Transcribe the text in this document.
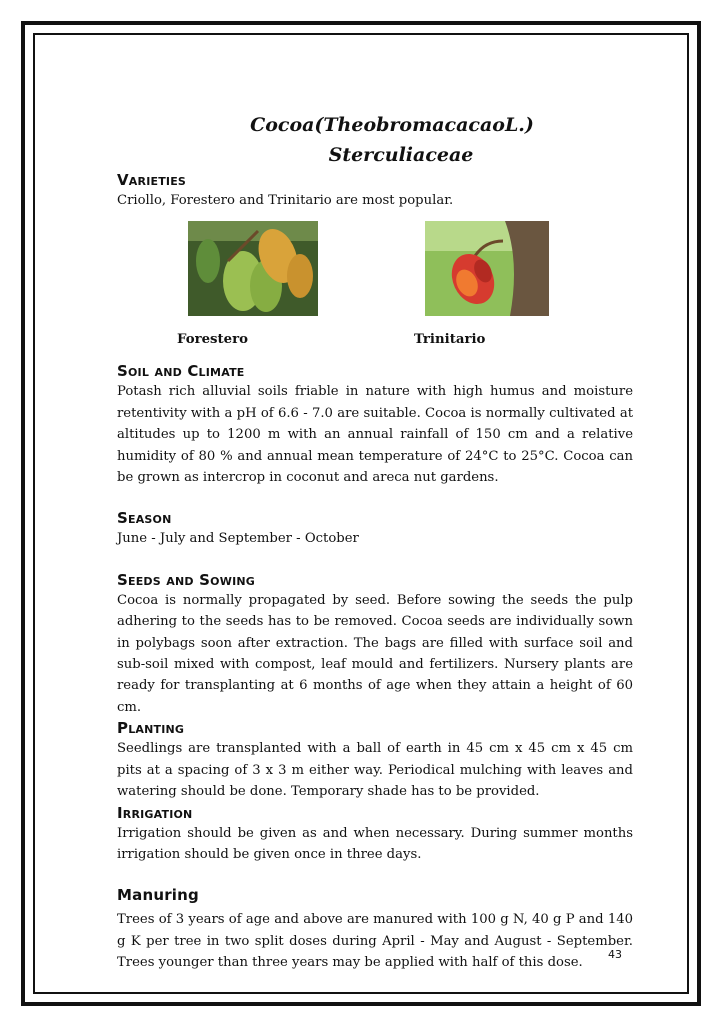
Cocoa(TheobromacacaoL.)

Sterculiaceae

Varieties

Criollo, Forestero and Trinitario are most popular.

Forestero	Trinitario
Soil and Climate

Potash rich alluvial soils friable in nature with high humus and moisture retentivity with a pH of 6.6 - 7.0 are suitable. Cocoa is normally cultivated at altitudes up to 1200 m with an annual rainfall of 150 cm and a relative humidity of 80 % and annual mean temperature of 24°C to 25°C. Cocoa can be grown as intercrop in coconut and areca nut gardens.

Season

June - July and September - October

Seeds and Sowing

Cocoa is normally propagated by seed. Before sowing the seeds the pulp adhering to the seeds has to be removed. Cocoa seeds are individually sown in polybags soon after extraction. The bags are filled with surface soil and sub-soil mixed with compost, leaf mould and fertilizers. Nursery plants are ready for transplanting at 6 months of age when they attain a height of 60 cm.

Planting

Seedlings are transplanted with a ball of earth in 45 cm x 45 cm x 45 cm pits at a spacing of 3 x 3 m either way. Periodical mulching with leaves and watering should be done. Temporary shade has to be provided.

Irrigation

Irrigation should be given as and when necessary. During summer months irrigation should be given once in three days.

Manuring

Trees of 3 years of age and above are manured with 100 g N, 40 g P and 140 g K per tree in two split doses during April - May and August - September. Trees younger than three years may be applied with half of this dose.

43
